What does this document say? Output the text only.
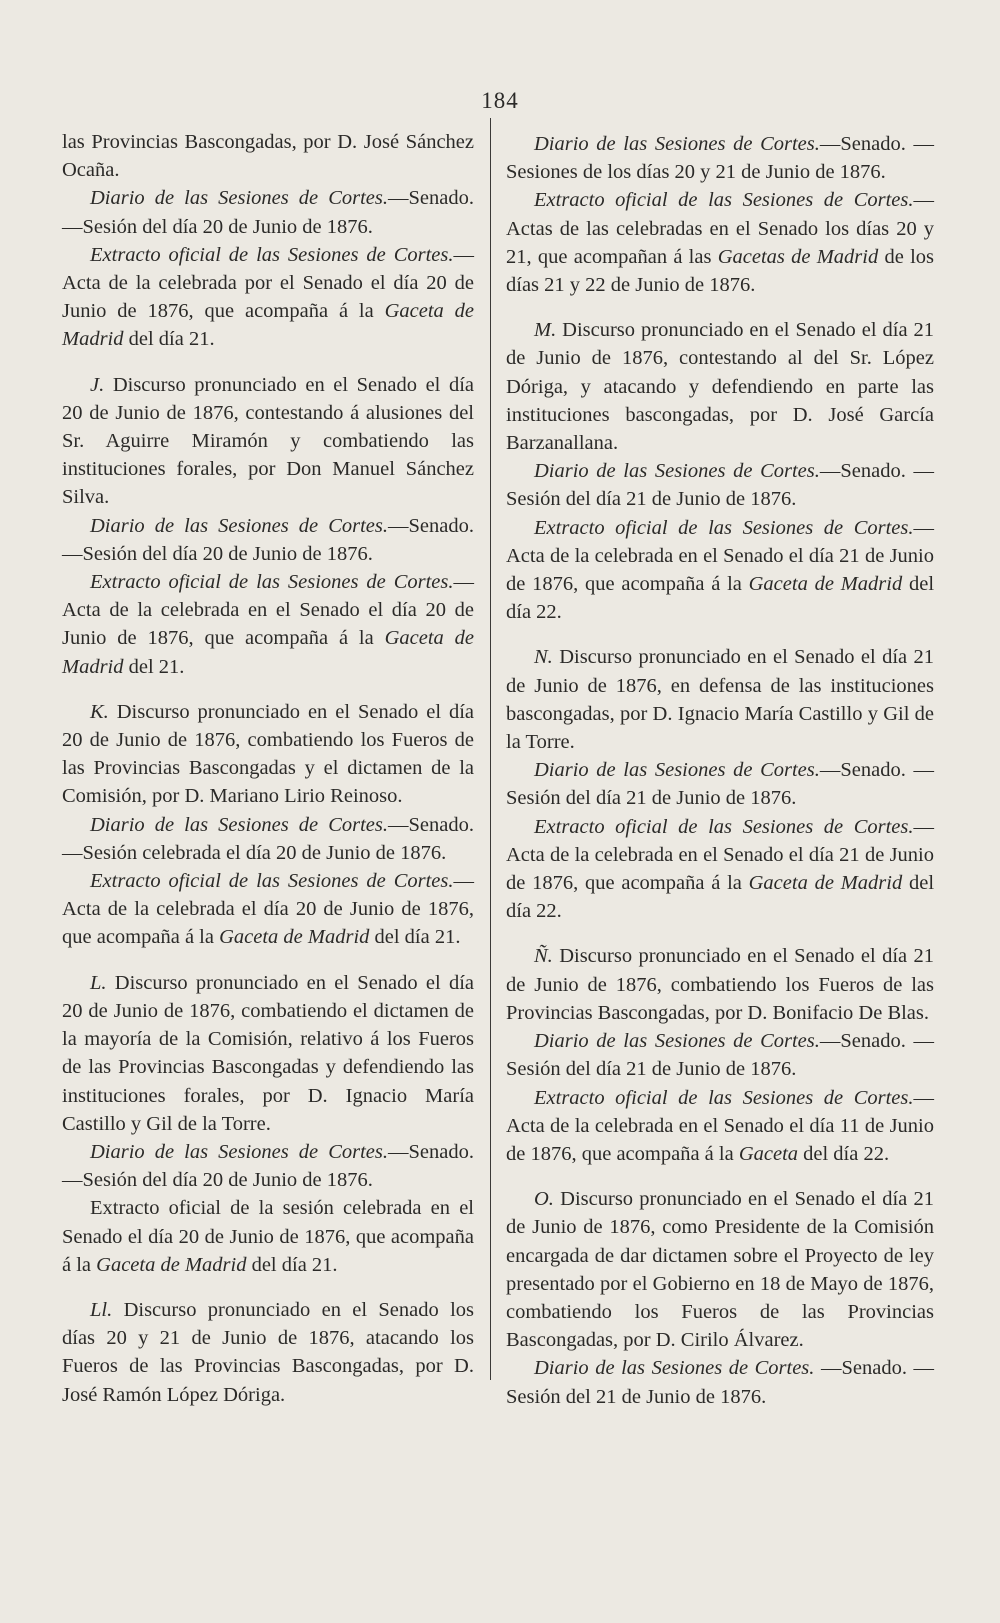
184

las Provincias Bascongadas, por D. José Sánchez Ocaña.

Diario de las Sesiones de Cortes.—Senado. —Sesión del día 20 de Junio de 1876.

Extracto oficial de las Sesiones de Cortes.— Acta de la celebrada por el Senado el día 20 de Junio de 1876, que acompaña á la Gaceta de Madrid del día 21.

J. Discurso pronunciado en el Senado el día 20 de Junio de 1876, contestando á alusiones del Sr. Aguirre Miramón y combatiendo las instituciones forales, por Don Manuel Sánchez Silva.

Diario de las Sesiones de Cortes.—Senado. —Sesión del día 20 de Junio de 1876.

Extracto oficial de las Sesiones de Cortes.— Acta de la celebrada en el Senado el día 20 de Junio de 1876, que acompaña á la Gaceta de Madrid del 21.

K. Discurso pronunciado en el Senado el día 20 de Junio de 1876, combatiendo los Fueros de las Provincias Bascongadas y el dictamen de la Comisión, por D. Mariano Lirio Reinoso.

Diario de las Sesiones de Cortes.—Senado. —Sesión celebrada el día 20 de Junio de 1876.

Extracto oficial de las Sesiones de Cortes.— Acta de la celebrada el día 20 de Junio de 1876, que acompaña á la Gaceta de Madrid del día 21.

L. Discurso pronunciado en el Senado el día 20 de Junio de 1876, combatiendo el dictamen de la mayoría de la Comisión, relativo á los Fueros de las Provincias Bascongadas y defendiendo las instituciones forales, por D. Ignacio María Castillo y Gil de la Torre.

Diario de las Sesiones de Cortes.—Senado. —Sesión del día 20 de Junio de 1876.

Extracto oficial de la sesión celebrada en el Senado el día 20 de Junio de 1876, que acompaña á la Gaceta de Madrid del día 21.

Ll. Discurso pronunciado en el Senado los días 20 y 21 de Junio de 1876, atacando los Fueros de las Provincias Bascongadas, por D. José Ramón López Dóriga.

Diario de las Sesiones de Cortes.—Senado. —Sesiones de los días 20 y 21 de Junio de 1876.

Extracto oficial de las Sesiones de Cortes.— Actas de las celebradas en el Senado los días 20 y 21, que acompañan á las Gacetas de Madrid de los días 21 y 22 de Junio de 1876.

M. Discurso pronunciado en el Senado el día 21 de Junio de 1876, contestando al del Sr. López Dóriga, y atacando y defendiendo en parte las instituciones bascongadas, por D. José García Barzanallana.

Diario de las Sesiones de Cortes.—Senado. —Sesión del día 21 de Junio de 1876.

Extracto oficial de las Sesiones de Cortes.— Acta de la celebrada en el Senado el día 21 de Junio de 1876, que acompaña á la Gaceta de Madrid del día 22.

N. Discurso pronunciado en el Senado el día 21 de Junio de 1876, en defensa de las instituciones bascongadas, por D. Ignacio María Castillo y Gil de la Torre.

Diario de las Sesiones de Cortes.—Senado. —Sesión del día 21 de Junio de 1876.

Extracto oficial de las Sesiones de Cortes.— Acta de la celebrada en el Senado el día 21 de Junio de 1876, que acompaña á la Gaceta de Madrid del día 22.

Ñ. Discurso pronunciado en el Senado el día 21 de Junio de 1876, combatiendo los Fueros de las Provincias Bascongadas, por D. Bonifacio De Blas.

Diario de las Sesiones de Cortes.—Senado. —Sesión del día 21 de Junio de 1876.

Extracto oficial de las Sesiones de Cortes.— Acta de la celebrada en el Senado el día 11 de Junio de 1876, que acompaña á la Gaceta del día 22.

O. Discurso pronunciado en el Senado el día 21 de Junio de 1876, como Presidente de la Comisión encargada de dar dictamen sobre el Proyecto de ley presentado por el Gobierno en 18 de Mayo de 1876, combatiendo los Fueros de las Provincias Bascongadas, por D. Cirilo Álvarez.

Diario de las Sesiones de Cortes. —Senado. —Sesión del 21 de Junio de 1876.
